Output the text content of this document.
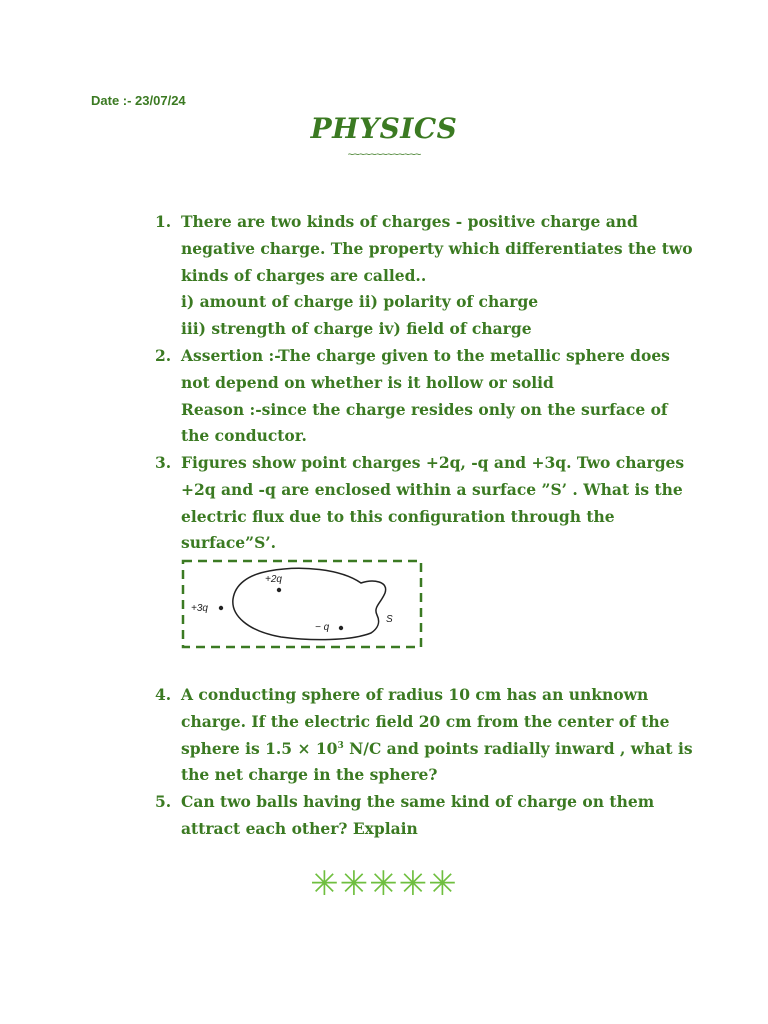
Date :- 23/07/24
PHYSICS
~~~~~~~~~~~~~
1. There are two kinds of charges - positive charge and
negative charge. The property which differentiates the two
kinds of charges are called..
i) amount of charge ii) polarity of charge
iii) strength of charge iv) field of charge
2. Assertion :-The charge given to the metallic sphere does
not depend on whether is it hollow or solid
Reason :-since the charge resides only on the surface of
the conductor.
3. Figures show point charges +2q, -q and +3q. Two charges
+2q and -q are enclosed within a surface ”S’ . What is the
electric flux due to this configuration through the
surface”S’.
+2q
+3q
− q
S
4. A conducting sphere of radius 10 cm has an unknown
charge. If the electric field 20 cm from the center of the
sphere is $1.5 \times 10^3$ N/C and points radially inward , what is
the net charge in the sphere?
5. Can two balls having the same kind of charge on them
attract each other? Explain
✳✳✳✳✳
